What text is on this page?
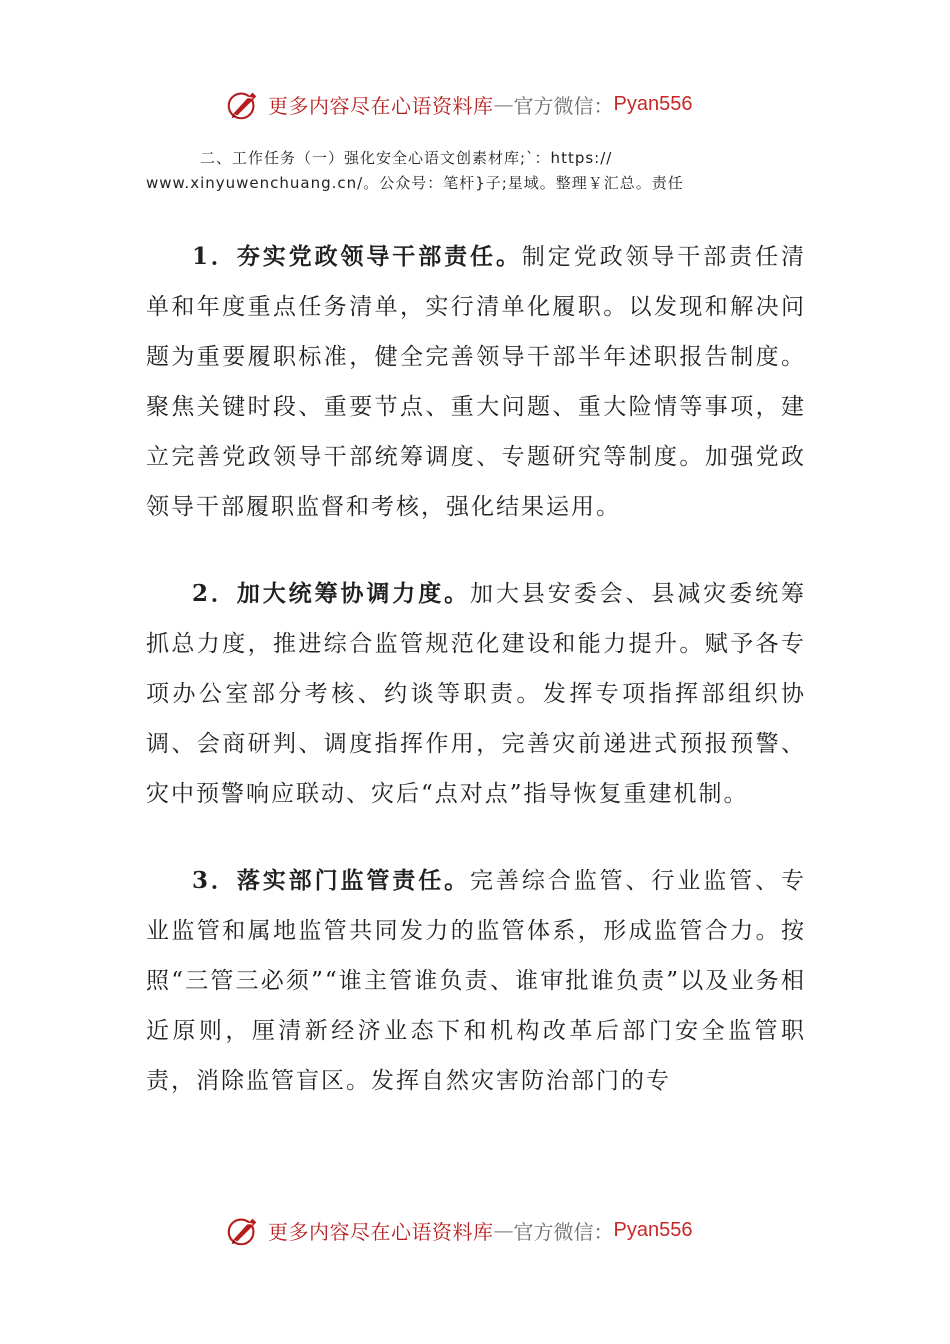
更多内容尽在心语资料库 — 官方微信： Pyan556

二、工作任务（一）强化安全心语文创素材库;`：https://

www.xinyuwenchuang.cn/。公众号：笔杆}子;星域。整理￥汇总。责任

1．夯实党政领导干部责任。制定党政领导干部责任清单和年度重点任务清单，实行清单化履职。以发现和解决问题为重要履职标准，健全完善领导干部半年述职报告制度。聚焦关键时段、重要节点、重大问题、重大险情等事项，建立完善党政领导干部统筹调度、专题研究等制度。加强党政领导干部履职监督和考核，强化结果运用。

2．加大统筹协调力度。加大县安委会、县减灾委统筹抓总力度，推进综合监管规范化建设和能力提升。赋予各专项办公室部分考核、约谈等职责。发挥专项指挥部组织协调、会商研判、调度指挥作用，完善灾前递进式预报预警、灾中预警响应联动、灾后“点对点”指导恢复重建机制。

3．落实部门监管责任。完善综合监管、行业监管、专业监管和属地监管共同发力的监管体系，形成监管合力。按照“三管三必须”“谁主管谁负责、谁审批谁负责”以及业务相近原则，厘清新经济业态下和机构改革后部门安全监管职责，消除监管盲区。发挥自然灾害防治部门的专

更多内容尽在心语资料库 — 官方微信： Pyan556
